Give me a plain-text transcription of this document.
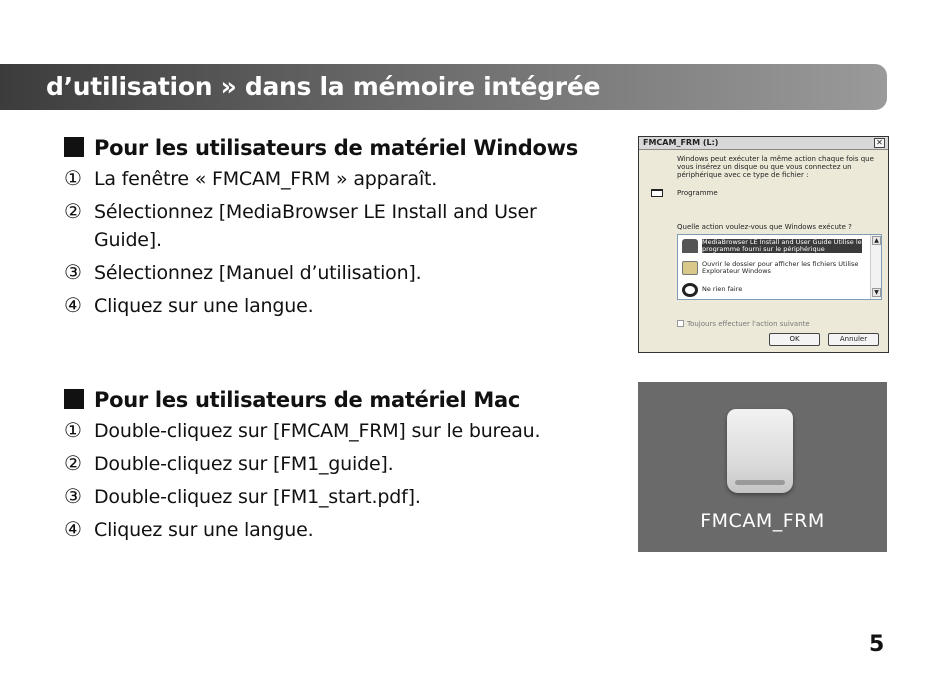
d’utilisation » dans la mémoire intégrée
Pour les utilisateurs de matériel Windows
① La fenêtre « FMCAM_FRM » apparaît.
② Sélectionnez [MediaBrowser LE Install and User
Guide].
③ Sélectionnez [Manuel d’utilisation].
④ Cliquez sur une langue.
Pour les utilisateurs de matériel Mac
① Double-cliquez sur [FMCAM_FRM] sur le bureau.
② Double-cliquez sur [FM1_guide].
③ Double-cliquez sur [FM1_start.pdf].
④ Cliquez sur une langue.
FMCAM_FRM (L:)	✕
Windows peut exécuter la même action chaque fois que vous insérez un disque ou que vous connectez un périphérique avec ce type de fichier :
Programme
Quelle action voulez-vous que Windows exécute ?
MediaBrowser LE Install and User Guide Utilise le programme fourni sur le périphérique
Ouvrir le dossier pour afficher les fichiers Utilise Explorateur Windows
Ne rien faire
▲
▼
Toujours effectuer l'action suivante
OK	Annuler
FMCAM_FRM
5
